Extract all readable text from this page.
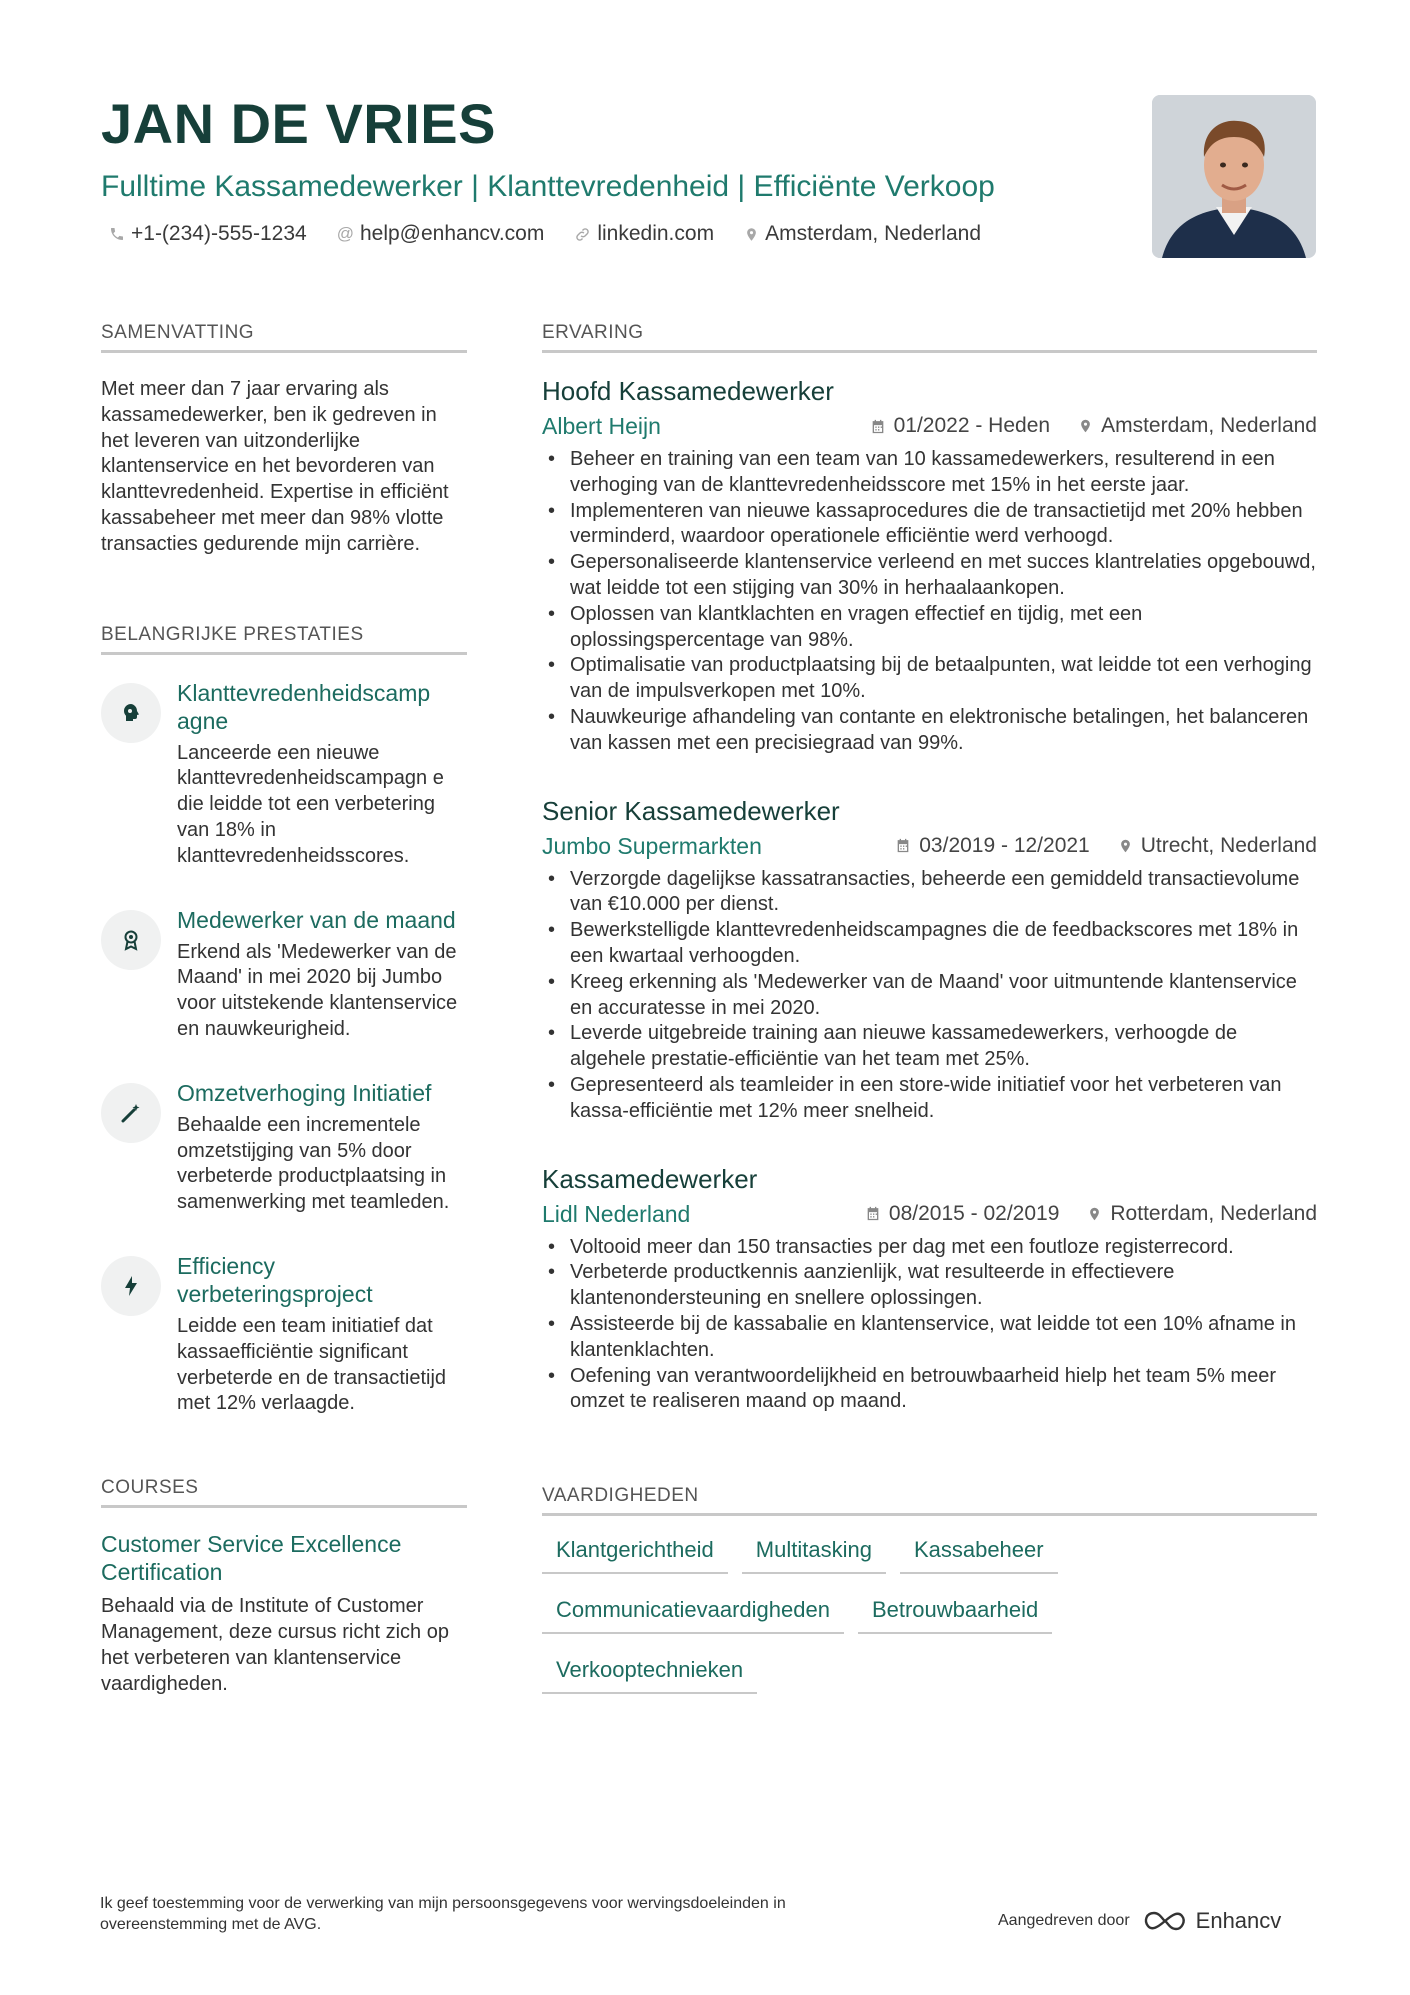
JAN DE VRIES
Fulltime Kassamedewerker | Klanttevredenheid | Efficiënte Verkoop
+1-(234)-555-1234 @ help@enhancv.com	linkedin.com Amsterdam, Nederland
SAMENVATTING
Met meer dan 7 jaar ervaring als kassamedewerker, ben ik gedreven in het leveren van uitzonderlijke klantenservice en het bevorderen van klanttevredenheid. Expertise in efficiënt kassabeheer met meer dan 98% vlotte transacties gedurende mijn carrière.
BELANGRIJKE PRESTATIES
Klanttevredenheidscamp agne
Lanceerde een nieuwe klanttevredenheidscampagn e die leidde tot een verbetering van 18% in klanttevredenheidsscores.
Medewerker van de maand
Erkend als 'Medewerker van de Maand' in mei 2020 bij Jumbo voor uitstekende klantenservice en nauwkeurigheid.
Omzetverhoging Initiatief
Behaalde een incrementele omzetstijging van 5% door verbeterde productplaatsing in samenwerking met teamleden.
Efficiency verbeteringsproject
Leidde een team initiatief dat kassaefficiëntie significant verbeterde en de transactietijd met 12% verlaagde.
COURSES
Customer Service Excellence Certification
Behaald via de Institute of Customer Management, deze cursus richt zich op het verbeteren van klantenservice vaardigheden.
ERVARING
Hoofd Kassamedewerker
Albert Heijn	01/2022 - Heden Amsterdam, Nederland
• Beheer en training van een team van 10 kassamedewerkers, resulterend in een verhoging van de klanttevredenheidsscore met 15% in het eerste jaar.
• Implementeren van nieuwe kassaprocedures die de transactietijd met 20% hebben verminderd, waardoor operationele efficiëntie werd verhoogd.
• Gepersonaliseerde klantenservice verleend en met succes klantrelaties opgebouwd, wat leidde tot een stijging van 30% in herhaalaankopen.
• Oplossen van klantklachten en vragen effectief en tijdig, met een oplossingspercentage van 98%.
• Optimalisatie van productplaatsing bij de betaalpunten, wat leidde tot een verhoging van de impulsverkopen met 10%.
• Nauwkeurige afhandeling van contante en elektronische betalingen, het balanceren van kassen met een precisiegraad van 99%.
Senior Kassamedewerker
Jumbo Supermarkten	03/2019 - 12/2021 Utrecht, Nederland
• Verzorgde dagelijkse kassatransacties, beheerde een gemiddeld transactievolume van €10.000 per dienst.
• Bewerkstelligde klanttevredenheidscampagnes die de feedbackscores met 18% in een kwartaal verhoogden.
• Kreeg erkenning als 'Medewerker van de Maand' voor uitmuntende klantenservice en accuratesse in mei 2020.
• Leverde uitgebreide training aan nieuwe kassamedewerkers, verhoogde de algehele prestatie-efficiëntie van het team met 25%.
• Gepresenteerd als teamleider in een store-wide initiatief voor het verbeteren van kassa-efficiëntie met 12% meer snelheid.
Kassamedewerker
Lidl Nederland	08/2015 - 02/2019 Rotterdam, Nederland
• Voltooid meer dan 150 transacties per dag met een foutloze registerrecord.
• Verbeterde productkennis aanzienlijk, wat resulteerde in effectievere klantenondersteuning en snellere oplossingen.
• Assisteerde bij de kassabalie en klantenservice, wat leidde tot een 10% afname in klantenklachten.
• Oefening van verantwoordelijkheid en betrouwbaarheid hielp het team 5% meer omzet te realiseren maand op maand.
VAARDIGHEDEN
Klantgerichtheid	Multitasking	Kassabeheer
Communicatievaardigheden	Betrouwbaarheid
Verkooptechnieken
Ik geef toestemming voor de verwerking van mijn persoonsgegevens voor wervingsdoeleinden in overeenstemming met de AVG.	Aangedreven door	Enhancv
